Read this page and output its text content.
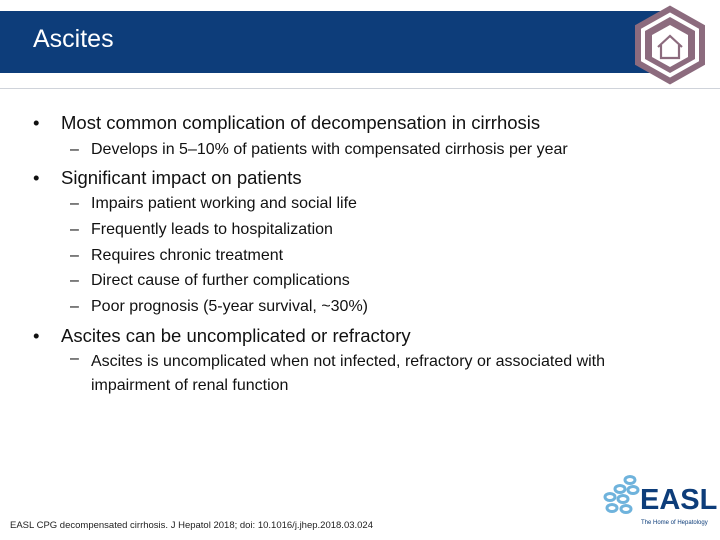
Ascites
• Most common complication of decompensation in cirrhosis
– Develops in 5–10% of patients with compensated cirrhosis per year
• Significant impact on patients
– Impairs patient working and social life
– Frequently leads to hospitalization
– Requires chronic treatment
– Direct cause of further complications
– Poor prognosis (5-year survival, ~30%)
• Ascites can be uncomplicated or refractory
– Ascites is uncomplicated when not infected, refractory or associated with impairment of renal function
EASL CPG decompensated cirrhosis. J Hepatol 2018; doi: 10.1016/j.jhep.2018.03.024
EASL
The Home of Hepatology
